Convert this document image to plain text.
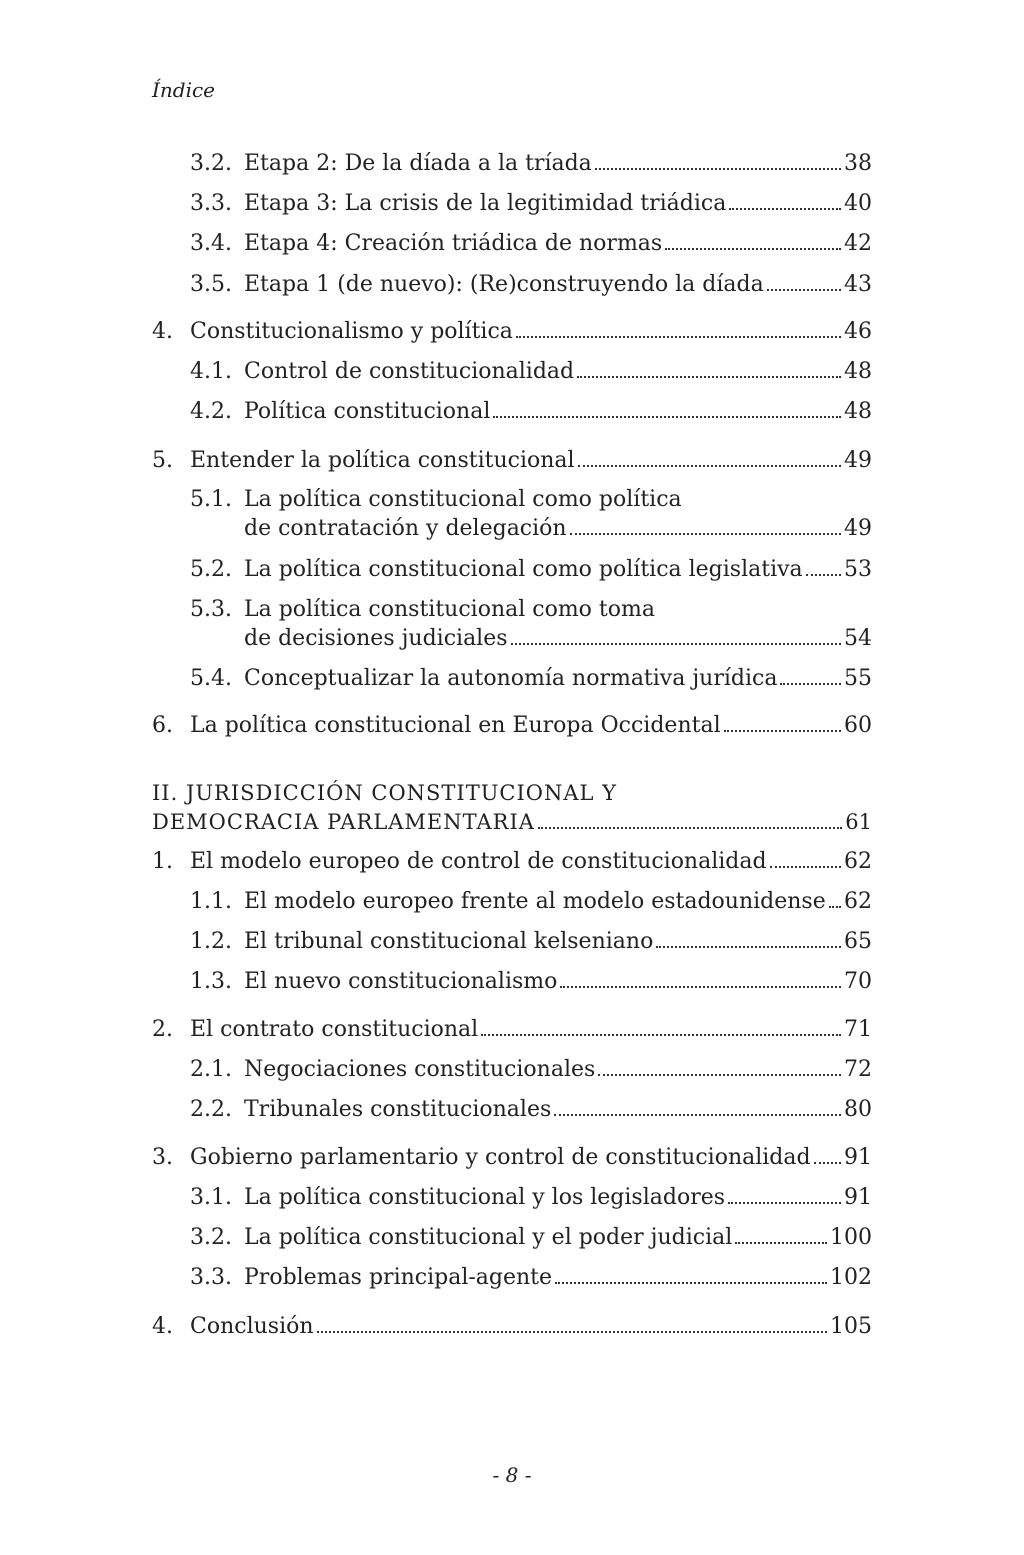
Índice
3.2. Etapa 2: De la díada a la tríada	38
3.3. Etapa 3: La crisis de la legitimidad triádica	40
3.4. Etapa 4: Creación triádica de normas	42
3.5. Etapa 1 (de nuevo): (Re)construyendo la díada	43
4. Constitucionalismo y política	46
4.1. Control de constitucionalidad	48
4.2. Política constitucional	48
5. Entender la política constitucional	49
5.1. La política constitucional como política
de contratación y delegación	49
5.2. La política constitucional como política legislativa 53
5.3. La política constitucional como toma
de decisiones judiciales	54
5.4. Conceptualizar la autonomía normativa jurídica	55
6. La política constitucional en Europa Occidental	60
II. JURISDICCIÓN CONSTITUCIONAL Y
DEMOCRACIA PARLAMENTARIA	61
1. El modelo europeo de control de constitucionalidad	62
1.1. El modelo europeo frente al modelo estadounidense 62
1.2. El tribunal constitucional kelseniano	65
1.3. El nuevo constitucionalismo	70
2. El contrato constitucional	71
2.1. Negociaciones constitucionales	72
2.2. Tribunales constitucionales	80
3. Gobierno parlamentario y control de constitucionalidad 91
3.1. La política constitucional y los legisladores	91
3.2. La política constitucional y el poder judicial	100
3.3. Problemas principal-agente	102
4. Conclusión	105
- 8 -
